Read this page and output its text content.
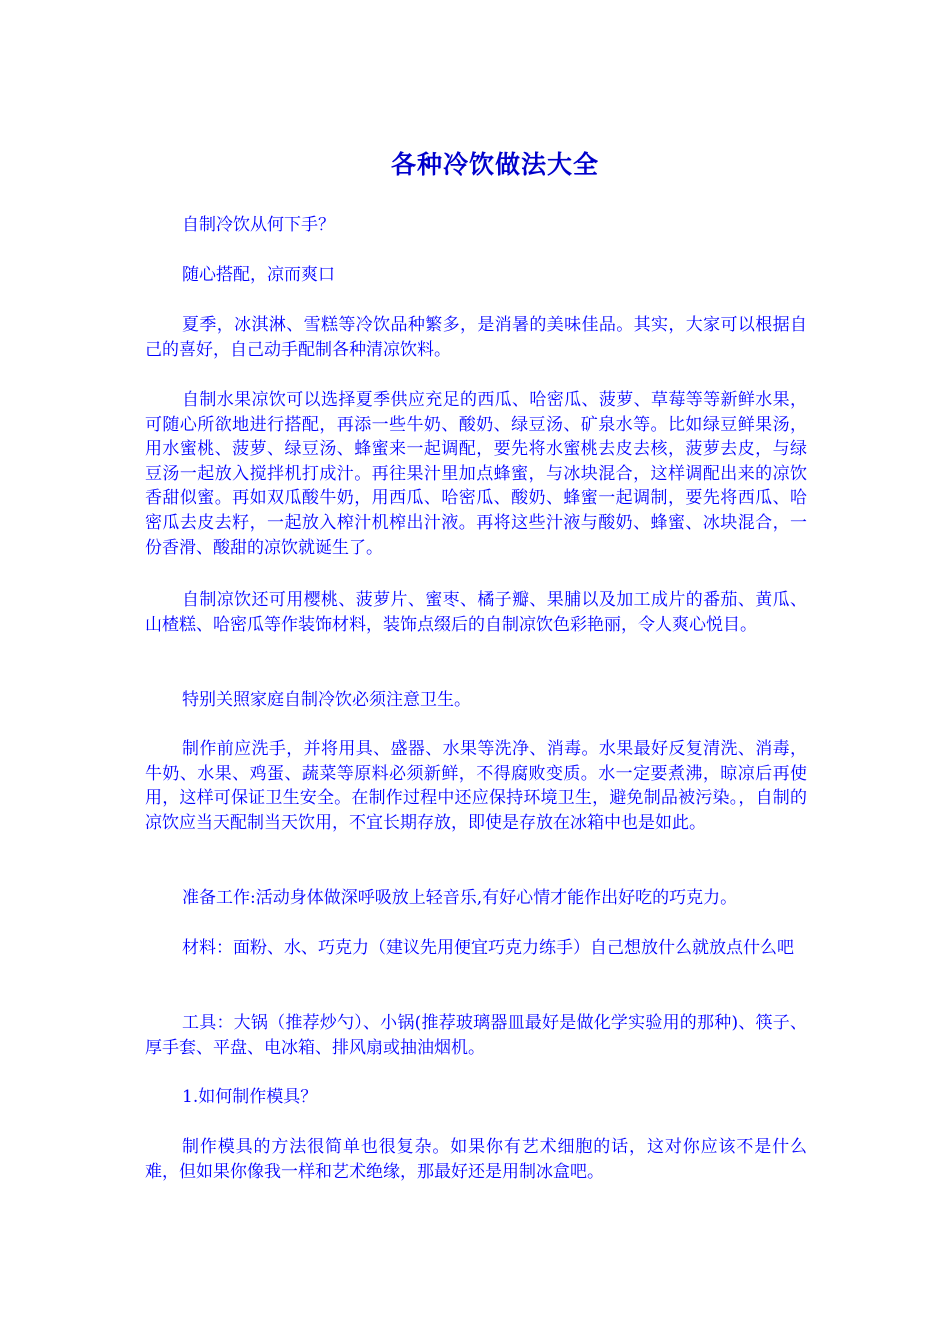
各种冷饮做法大全

自制冷饮从何下手？

随心搭配，凉而爽口

夏季，冰淇淋、雪糕等冷饮品种繁多，是消暑的美味佳品。其实，大家可以根据自己的喜好，自己动手配制各种清凉饮料。

自制水果凉饮可以选择夏季供应充足的西瓜、哈密瓜、菠萝、草莓等等新鲜水果，可随心所欲地进行搭配，再添一些牛奶、酸奶、绿豆汤、矿泉水等。比如绿豆鲜果汤，用水蜜桃、菠萝、绿豆汤、蜂蜜来一起调配，要先将水蜜桃去皮去核，菠萝去皮，与绿豆汤一起放入搅拌机打成汁。再往果汁里加点蜂蜜，与冰块混合，这样调配出来的凉饮香甜似蜜。再如双瓜酸牛奶，用西瓜、哈密瓜、酸奶、蜂蜜一起调制，要先将西瓜、哈密瓜去皮去籽，一起放入榨汁机榨出汁液。再将这些汁液与酸奶、蜂蜜、冰块混合，一份香滑、酸甜的凉饮就诞生了。

自制凉饮还可用樱桃、菠萝片、蜜枣、橘子瓣、果脯以及加工成片的番茄、黄瓜、山楂糕、哈密瓜等作装饰材料，装饰点缀后的自制凉饮色彩艳丽，令人爽心悦目。

特别关照家庭自制冷饮必须注意卫生。

制作前应洗手，并将用具、盛器、水果等洗净、消毒。水果最好反复清洗、消毒，牛奶、水果、鸡蛋、蔬菜等原料必须新鲜，不得腐败变质。水一定要煮沸，晾凉后再使用，这样可保证卫生安全。在制作过程中还应保持环境卫生，避免制品被污染。，自制的凉饮应当天配制当天饮用，不宜长期存放，即使是存放在冰箱中也是如此。

准备工作:活动身体做深呼吸放上轻音乐,有好心情才能作出好吃的巧克力。

材料：面粉、水、巧克力（建议先用便宜巧克力练手）自己想放什么就放点什么吧

工具：大锅（推荐炒勺）、小锅(推荐玻璃器皿最好是做化学实验用的那种)、筷子、厚手套、平盘、电冰箱、排风扇或抽油烟机。

1.如何制作模具？

制作模具的方法很简单也很复杂。如果你有艺术细胞的话，这对你应该不是什么难，但如果你像我一样和艺术绝缘，那最好还是用制冰盒吧。
